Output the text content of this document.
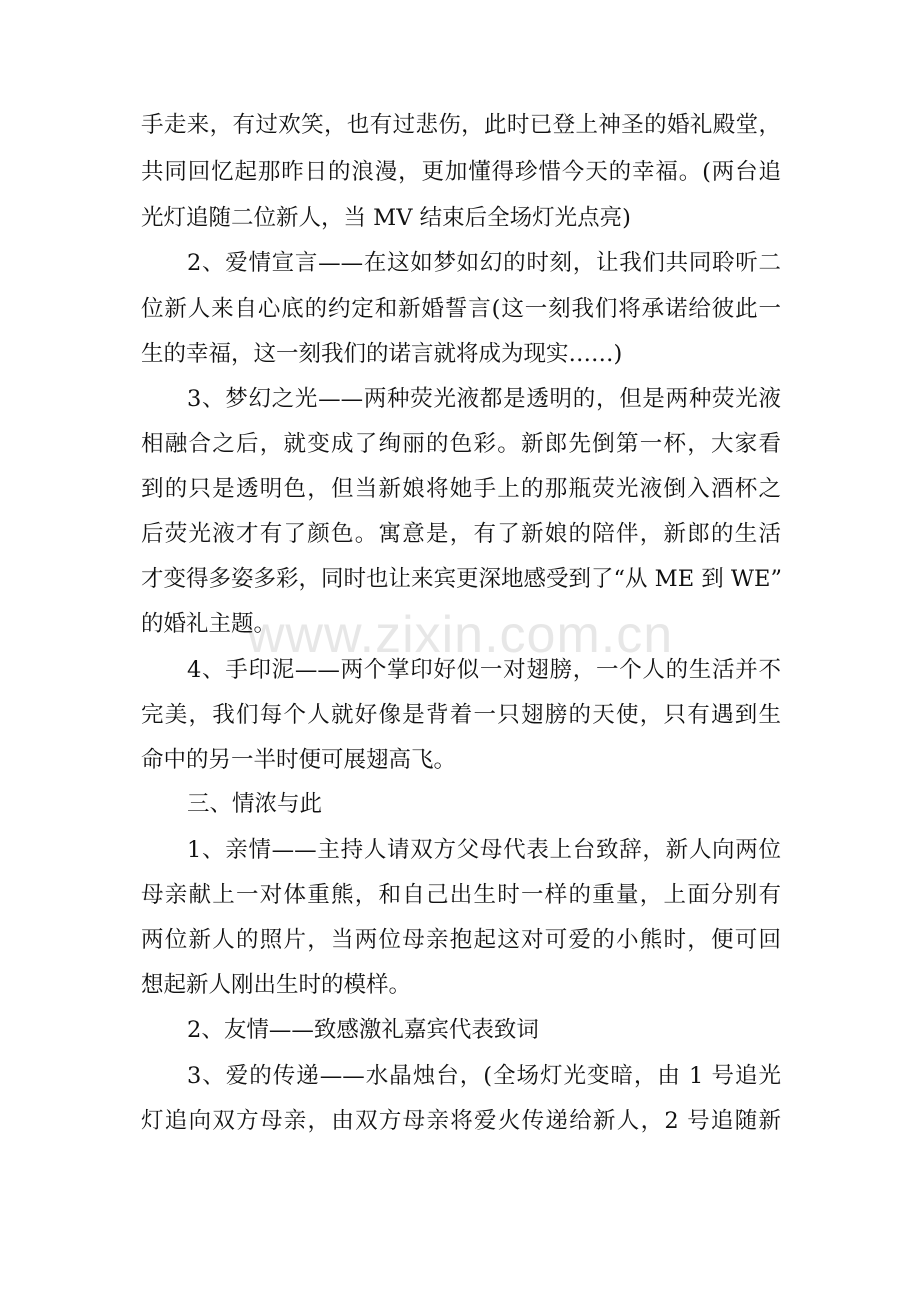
www.zixin.com.cn
手走来，有过欢笑，也有过悲伤，此时已登上神圣的婚礼殿堂，
共同回忆起那昨日的浪漫，更加懂得珍惜今天的幸福。(两台追
光灯追随二位新人，当 MV 结束后全场灯光点亮)
2、爱情宣言——在这如梦如幻的时刻，让我们共同聆听二
位新人来自心底的约定和新婚誓言(这一刻我们将承诺给彼此一
生的幸福，这一刻我们的诺言就将成为现实……)
3、梦幻之光——两种荧光液都是透明的，但是两种荧光液
相融合之后，就变成了绚丽的色彩。新郎先倒第一杯，大家看
到的只是透明色，但当新娘将她手上的那瓶荧光液倒入酒杯之
后荧光液才有了颜色。寓意是，有了新娘的陪伴，新郎的生活
才变得多姿多彩，同时也让来宾更深地感受到了“从 ME 到 WE”
的婚礼主题。
4、手印泥——两个掌印好似一对翅膀，一个人的生活并不
完美，我们每个人就好像是背着一只翅膀的天使，只有遇到生
命中的另一半时便可展翅高飞。
三、情浓与此
1、亲情——主持人请双方父母代表上台致辞，新人向两位
母亲献上一对体重熊，和自己出生时一样的重量，上面分别有
两位新人的照片，当两位母亲抱起这对可爱的小熊时，便可回
想起新人刚出生时的模样。
2、友情——致感激礼嘉宾代表致词
3、爱的传递——水晶烛台，(全场灯光变暗，由 1 号追光
灯追向双方母亲，由双方母亲将爱火传递给新人，2 号追随新
